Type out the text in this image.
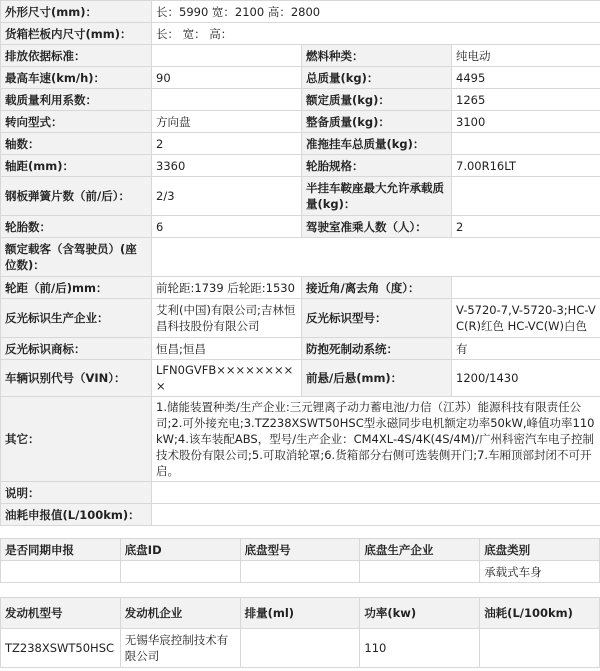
外形尺寸(mm)：	长：5990 宽：2100 高：2800		
货箱栏板内尺寸(mm)：	长： 宽： 高：		
排放依据标准：		燃料种类：	纯电动
最高车速(km/h)：	90	总质量(kg)：	4495
载质量利用系数：		额定质量(kg)：	1265
转向型式：	方向盘	整备质量(kg)：	3100
轴数：	2	准拖挂车总质量(kg)：	
轴距(mm)：	3360	轮胎规格：	7.00R16LT
钢板弹簧片数（前/后）：	2/3	半挂车鞍座最大允许承载质量(kg)：	
轮胎数：	6	驾驶室准乘人数（人）：	2
额定载客（含驾驶员）(座位数)：			
轮距（前/后)mm：	前轮距:1739 后轮距:1530	接近角/离去角（度）：	
反光标识生产企业：	艾利(中国)有限公司;吉林恒昌科技股份有限公司	反光标识型号：	V-5720-7,V-5720-3;HC-VC(R)红色 HC-VC(W)白色
反光标识商标：	恒昌;恒昌	防抱死制动系统：	有
车辆识别代号（VIN）：	LFN0GVFB×××××××××	前悬/后悬(mm)：	1200/1430
其它：	1.储能装置种类/生产企业:三元锂离子动力蓄电池/力信（江苏）能源科技有限责任公司;2.可外接充电;3.TZ238XSWT50HSC型永磁同步电机额定功率50kW,峰值功率110kW;4.该车装配ABS，型号/生产企业：CM4XL-4S/4K(4S/4M)/广州科密汽车电子控制技术股份有限公司;5.可取消轮罩;6.货箱部分右侧可选装侧开门;7.车厢顶部封闭不可开启。		
说明：			
油耗申报值(L/100km)：			
是否同期申报	底盘ID	底盘型号	底盘生产企业	底盘类别
				承载式车身
发动机型号	发动机企业	排量(ml)	功率(kw)	油耗(L/100km)
TZ238XSWT50HSC	无锡华宸控制技术有限公司		110	
